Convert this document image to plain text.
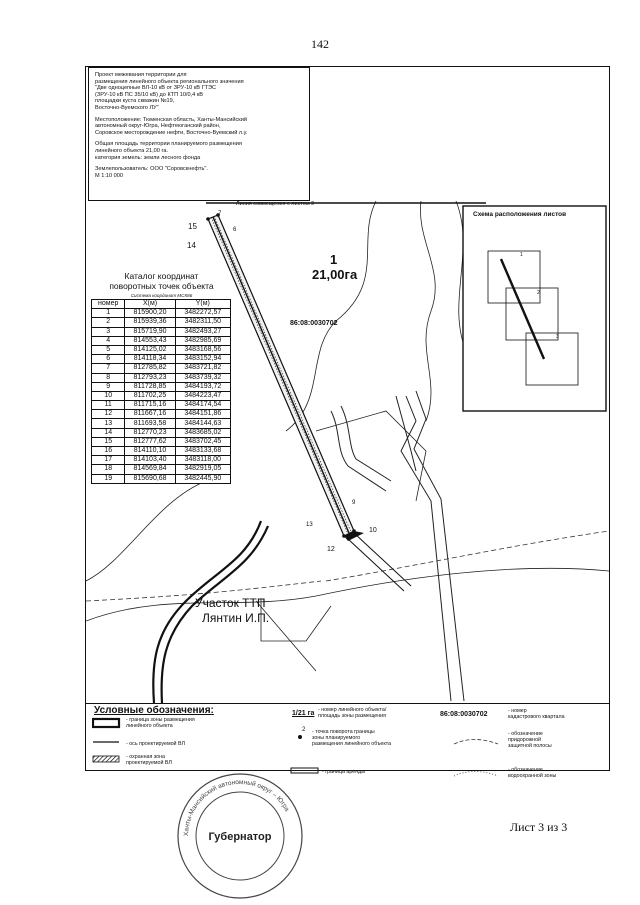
142
Линия совмещения с листом 2
Схема расположения листов
1
2
3
1
21,00га
86:08:0030702
Участок ТТП
Лянтин И.П.
15
7
6
14
9
13
10
12
Проект межевания территории для
размещения линейного объекта регионального значения
"Две одноцепные ВЛ-10 кВ от ЗРУ-10 кВ ГТЭС
(ЗРУ-10 кВ ПС 35/10 кВ) до КТП 10/0,4 кВ
площадки куста скважин №19,
Восточно-Вуемского ЛУ"
Местоположение: Тюменская область, Ханты-Мансийский
автономный округ-Югра, Нефтеюганский район,
Соровское месторождение нефти, Восточно-Вуемский л.у.
Общая площадь территории планируемого размещения
линейного объекта 21,00 га.
категория земель: земли лесного фонда
Землепользователь: ООО "Соровскнефть".
М 1:10 000
Каталог координат
поворотных точек объекта
Система координат МСК86
номер	X(м)	Y(м)
1	815900,20	3482272,57
2	815939,36	3482311,50
3	815719,90	3482493,27
4	814553,43	3482985,69
5	814125,02	3483168,56
6	814118,34	3483152,94
7	812785,82	3483721,82
8	812793,23	3483739,32
9	811728,85	3484193,72
10	811702,25	3484223,47
11	811715,16	3484174,54
12	811667,16	3484151,86
13	811693,58	3484144,63
14	812770,23	3483685,02
15	812777,62	3483702,45
16	814110,10	3483133,68
17	814103,40	3483118,00
18	814569,84	3482919,05
19	815690,68	3482445,90
Условные обозначения:
- граница зоны размещения
линейного объекта
- ось проектируемой ВЛ
- охранная зона
проектируемой ВЛ
1/21 га - номер линейного объекта/
площадь зоны размещения
2 - точка поворота границы
зоны планируемого
размещения линейного объекта
- граница аренды
86:08:0030702	- номер
кадастрового квартала
- обозначение
придорожной
защитной полосы
- обозначение
водоохранной зоны
Ханты-Мансийский автономный округ – Югра
Губернатор
Лист 3 из 3
